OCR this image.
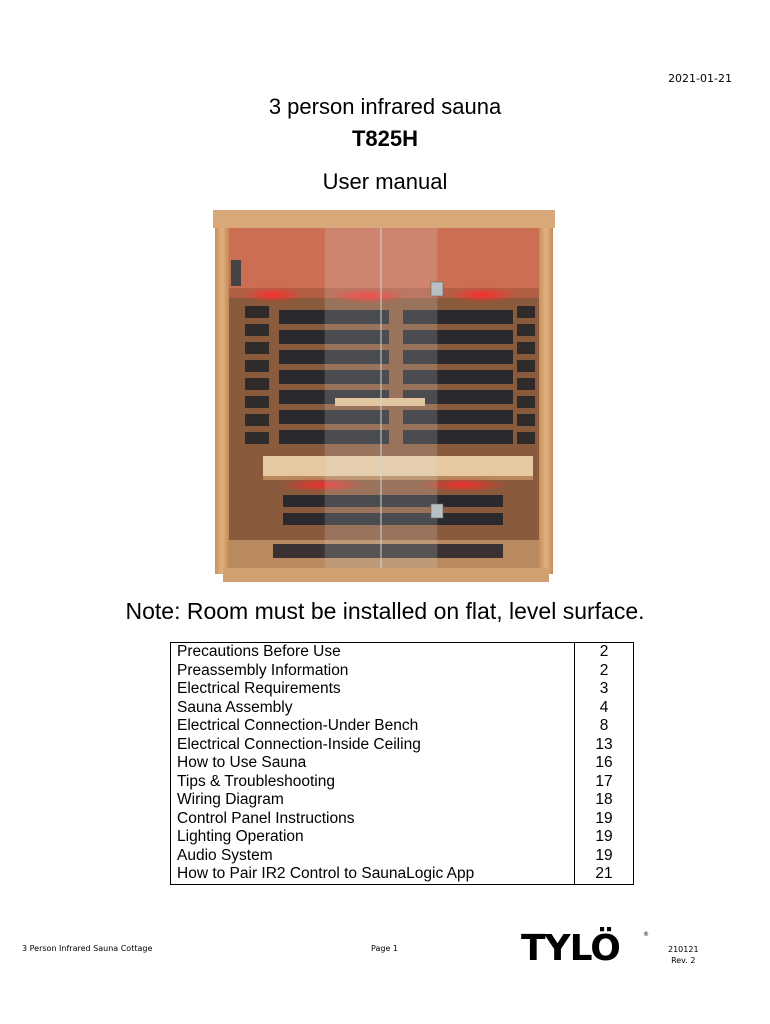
2021-01-21
3 person infrared sauna
T825H
User manual
Note: Room must be installed on flat, level surface.
Precautions Before Use	2
Preassembly Information	2
Electrical Requirements	3
Sauna Assembly	4
Electrical Connection-Under Bench	8
Electrical Connection-Inside Ceiling	13
How to Use Sauna	16
Tips & Troubleshooting	17
Wiring Diagram	18
Control Panel Instructions	19
Lighting Operation	19
Audio System	19
How to Pair IR2 Control to SaunaLogic App	21
3 Person Infrared Sauna Cottage	Page 1	TYLÖ	®
210121
Rev. 2
